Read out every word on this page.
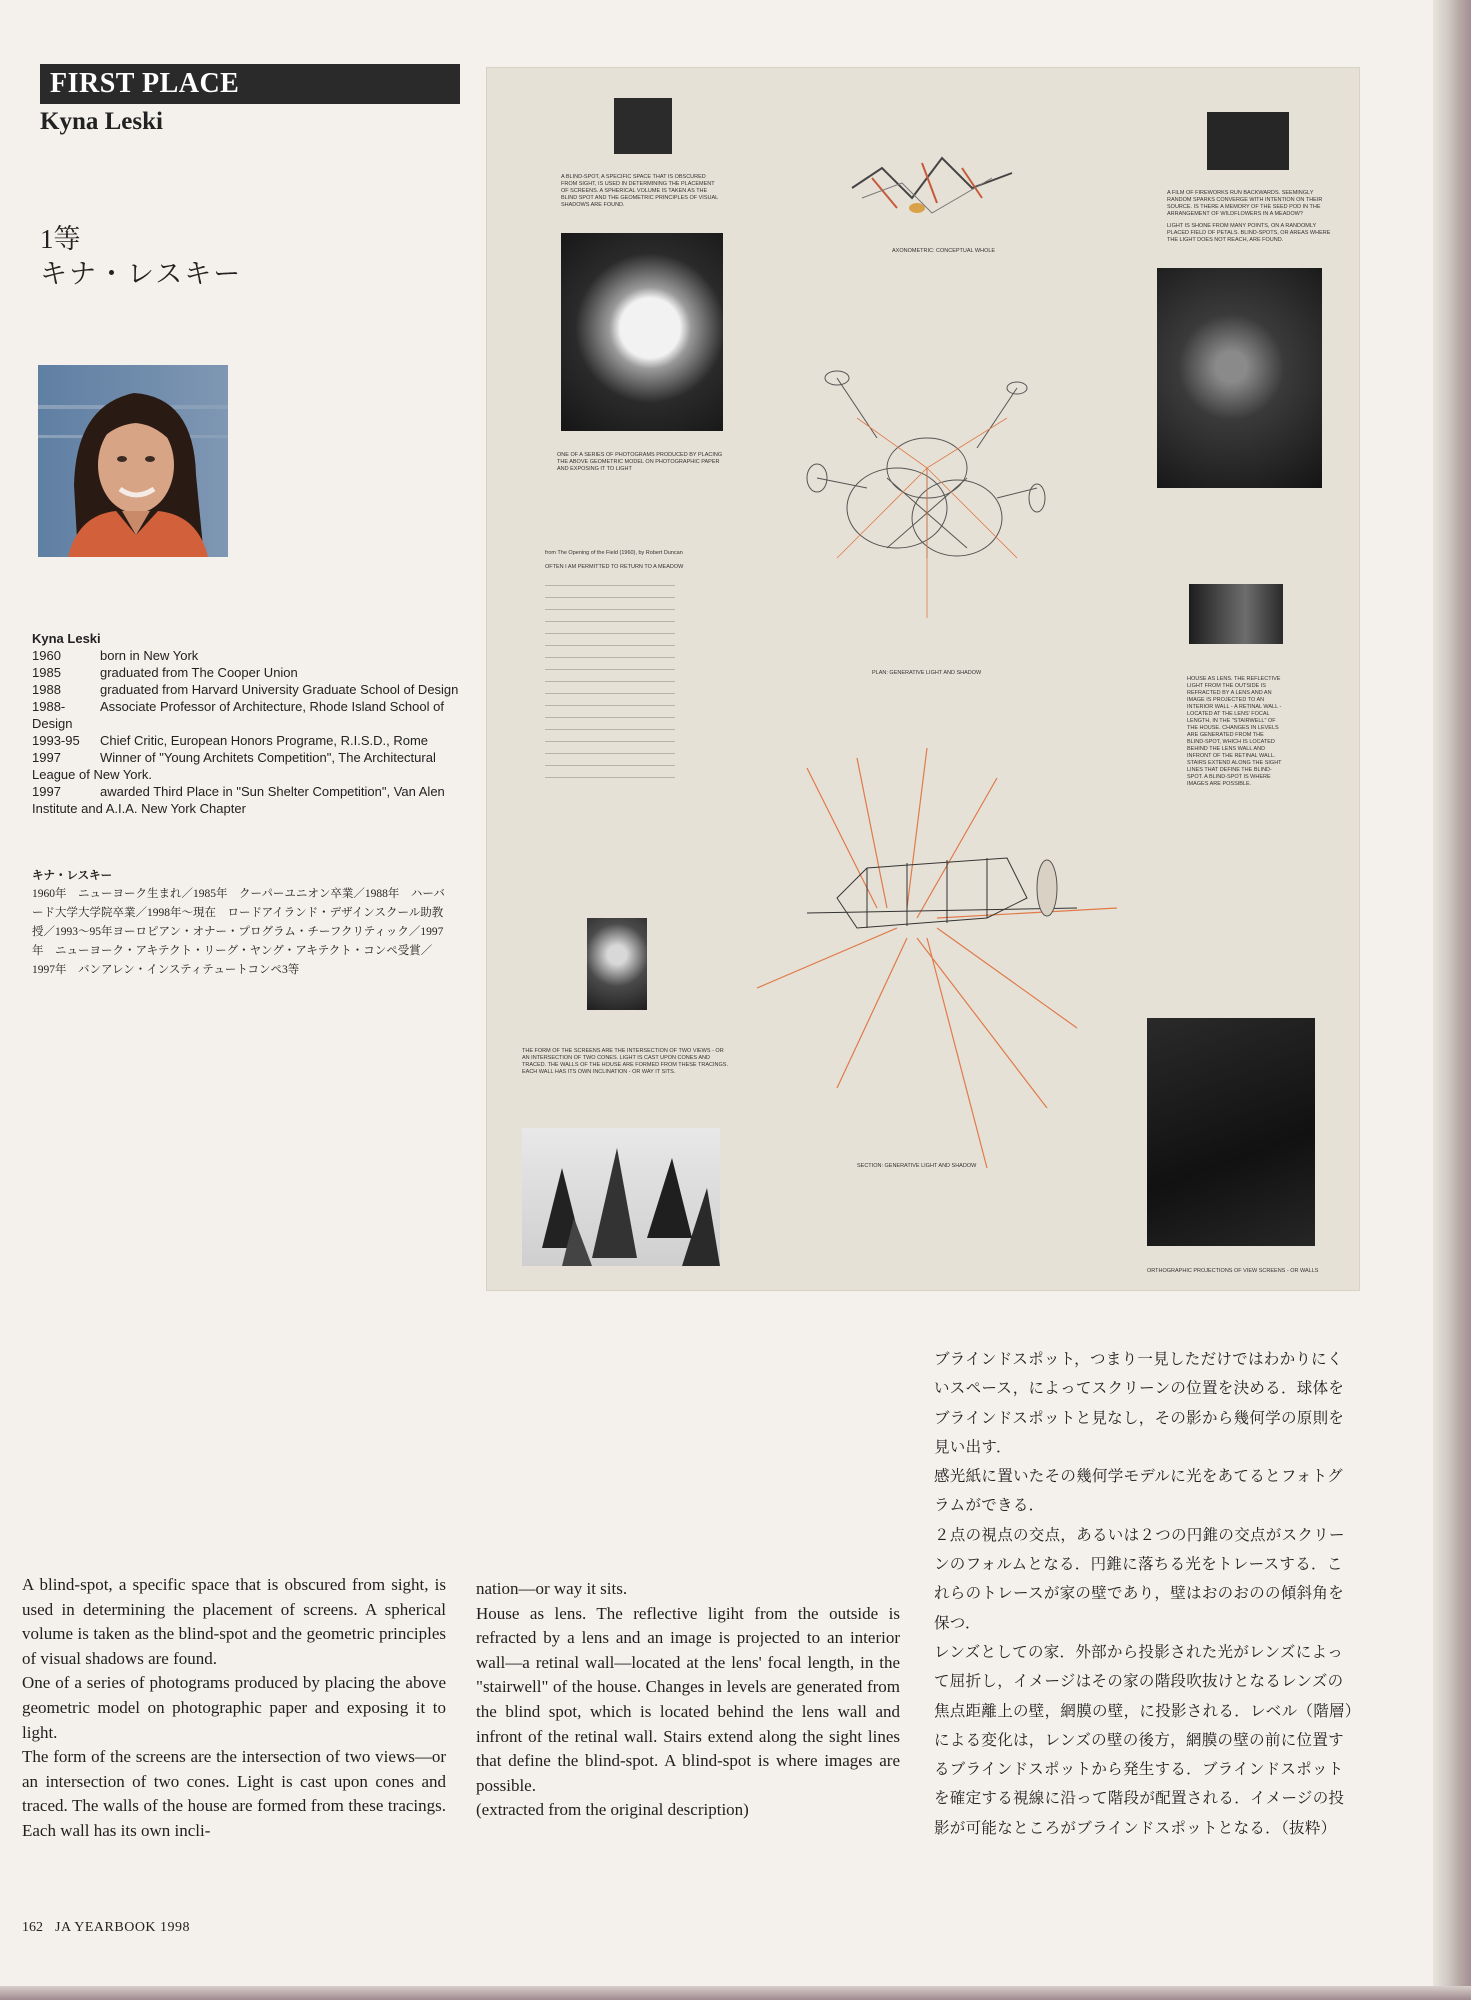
FIRST PLACE
Kyna Leski
1等
キナ・レスキー
Kyna Leski
1960	born in New York
1985	graduated from The Cooper Union
1988	graduated from Harvard University Graduate School of Design
1988-	Associate Professor of Architecture, Rhode Island School of Design
1993-95 Chief Critic, European Honors Programe, R.I.S.D., Rome
1997	Winner of "Young Architets Competition", The Architectural League of New York.
1997	awarded Third Place in "Sun Shelter Competition", Van Alen Institute and A.I.A. New York Chapter
キナ・レスキー
1960年　ニューヨーク生まれ／1985年　クーパーユニオン卒業／1988年　ハーバード大学大学院卒業／1998年～現在　ロードアイランド・デザインスクール助教授／1993～95年ヨーロピアン・オナー・プログラム・チーフクリティック／1997年　ニューヨーク・アキテクト・リーグ・ヤング・アキテクト・コンペ受賞／1997年　バンアレン・インスティテュートコンペ3等
A BLIND-SPOT, A SPECIFIC SPACE THAT IS OBSCURED FROM SIGHT, IS USED IN DETERMINING THE PLACEMENT OF SCREENS. A SPHERICAL VOLUME IS TAKEN AS THE BLIND SPOT AND THE GEOMETRIC PRINCIPLES OF VISUAL SHADOWS ARE FOUND.
ONE OF A SERIES OF PHOTOGRAMS PRODUCED BY PLACING THE ABOVE GEOMETRIC MODEL ON PHOTOGRAPHIC PAPER AND EXPOSING IT TO LIGHT
AXONOMETRIC: CONCEPTUAL WHOLE
A FILM OF FIREWORKS RUN BACKWARDS. SEEMINGLY RANDOM SPARKS CONVERGE WITH INTENTION ON THEIR SOURCE. IS THERE A MEMORY OF THE SEED POD IN THE ARRANGEMENT OF WILDFLOWERS IN A MEADOW?
LIGHT IS SHONE FROM MANY POINTS, ON A RANDOMLY PLACED FIELD OF PETALS. BLIND-SPOTS, OR AREAS WHERE THE LIGHT DOES NOT REACH, ARE FOUND.
PLAN: GENERATIVE LIGHT AND SHADOW
from The Opening of the Field (1960), by Robert Duncan
OFTEN I AM PERMITTED TO RETURN TO A MEADOW
HOUSE AS LENS. THE REFLECTIVE LIGHT FROM THE OUTSIDE IS REFRACTED BY A LENS AND AN IMAGE IS PROJECTED TO AN INTERIOR WALL - A RETINAL WALL - LOCATED AT THE LENS' FOCAL LENGTH, IN THE "STAIRWELL" OF THE HOUSE. CHANGES IN LEVELS ARE GENERATED FROM THE BLIND-SPOT, WHICH IS LOCATED BEHIND THE LENS WALL AND INFRONT OF THE RETINAL WALL. STAIRS EXTEND ALONG THE SIGHT LINES THAT DEFINE THE BLIND-SPOT. A BLIND-SPOT IS WHERE IMAGES ARE POSSIBLE.
THE FORM OF THE SCREENS ARE THE INTERSECTION OF TWO VIEWS - OR AN INTERSECTION OF TWO CONES. LIGHT IS CAST UPON CONES AND TRACED. THE WALLS OF THE HOUSE ARE FORMED FROM THESE TRACINGS. EACH WALL HAS ITS OWN INCLINATION - OR WAY IT SITS.
SECTION: GENERATIVE LIGHT AND SHADOW
ORTHOGRAPHIC PROJECTIONS OF VIEW SCREENS - OR WALLS

A blind-spot, a specific space that is obscured from sight, is used in determining the placement of screens. A spherical volume is taken as the blind-spot and the geometric principles of visual shadows are found.

One of a series of photograms produced by placing the above geometric model on photographic paper and exposing it to light.

The form of the screens are the intersection of two views—or an intersection of two cones. Light is cast upon cones and traced. The walls of the house are formed from these tracings. Each wall has its own incli-

nation—or way it sits.

House as lens. The reflective ligiht from the outside is refracted by a lens and an image is projected to an interior wall—a retinal wall—located at the lens' focal length, in the "stairwell" of the house. Changes in levels are generated from the blind spot, which is located behind the lens wall and infront of the retinal wall. Stairs extend along the sight lines that define the blind-spot. A blind-spot is where images are possible.

(extracted from the original description)

ブラインドスポット，つまり一見しただけではわかりにくいスペース，によってスクリーンの位置を決める．球体をブラインドスポットと見なし，その影から幾何学の原則を見い出す．

感光紙に置いたその幾何学モデルに光をあてるとフォトグラムができる．

２点の視点の交点，あるいは２つの円錐の交点がスクリーンのフォルムとなる．円錐に落ちる光をトレースする．これらのトレースが家の壁であり，壁はおのおのの傾斜角を保つ．

レンズとしての家．外部から投影された光がレンズによって屈折し，イメージはその家の階段吹抜けとなるレンズの焦点距離上の壁，網膜の壁，に投影される．レベル（階層）による変化は，レンズの壁の後方，網膜の壁の前に位置するブラインドスポットから発生する．ブラインドスポットを確定する視線に沿って階段が配置される．イメージの投影が可能なところがブラインドスポットとなる．（抜粋）

162 JA YEARBOOK 1998
